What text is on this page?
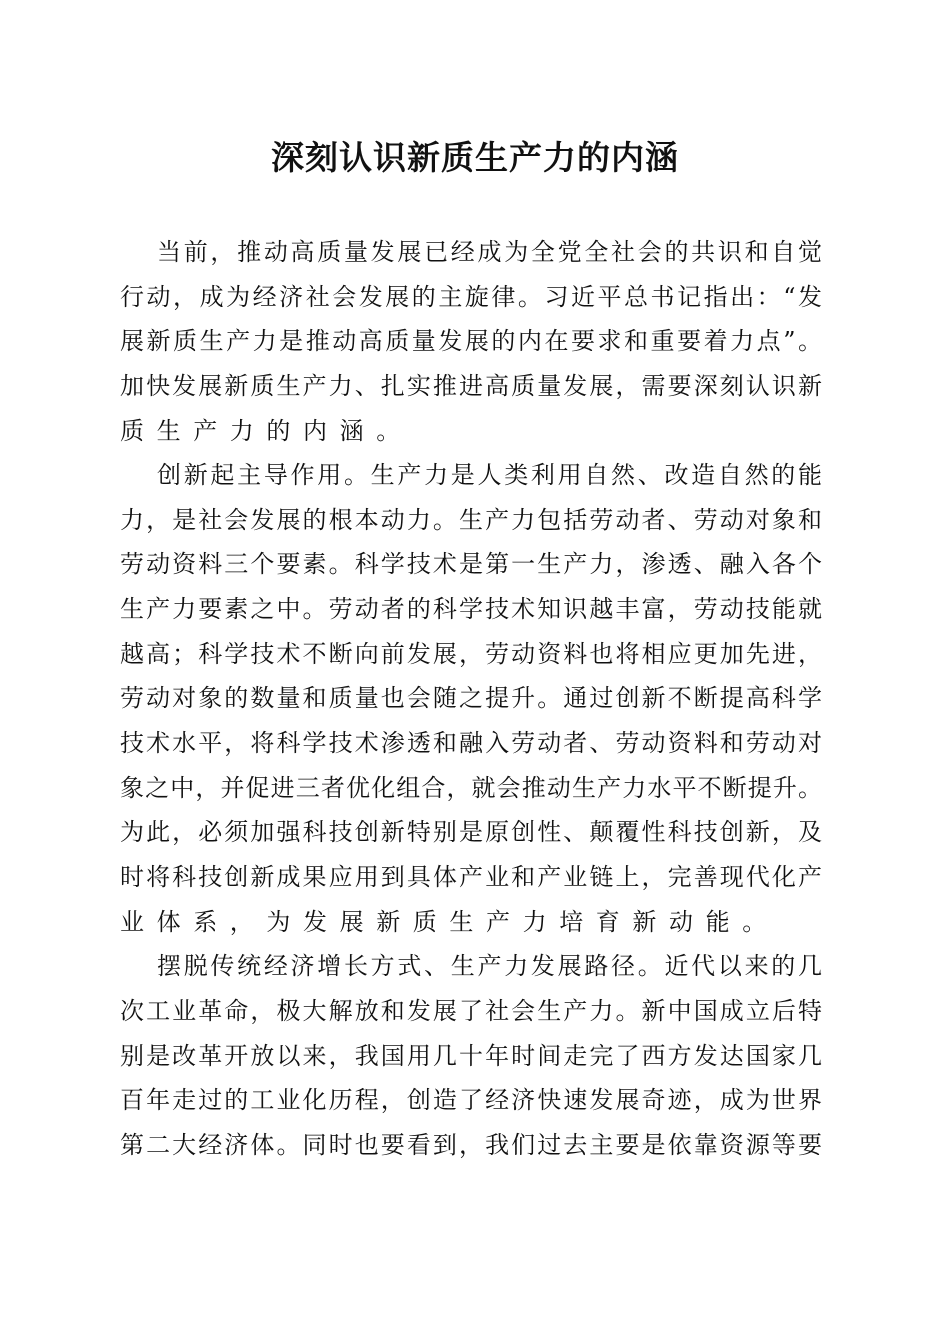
深刻认识新质生产力的内涵
当前，推动高质量发展已经成为全党全社会的共识和自觉
行动，成为经济社会发展的主旋律。习近平总书记指出：“发
展新质生产力是推动高质量发展的内在要求和重要着力点”。
加快发展新质生产力、扎实推进高质量发展，需要深刻认识新
质生产力的内涵。
创新起主导作用。生产力是人类利用自然、改造自然的能
力，是社会发展的根本动力。生产力包括劳动者、劳动对象和
劳动资料三个要素。科学技术是第一生产力，渗透、融入各个
生产力要素之中。劳动者的科学技术知识越丰富，劳动技能就
越高；科学技术不断向前发展，劳动资料也将相应更加先进，
劳动对象的数量和质量也会随之提升。通过创新不断提高科学
技术水平，将科学技术渗透和融入劳动者、劳动资料和劳动对
象之中，并促进三者优化组合，就会推动生产力水平不断提升。
为此，必须加强科技创新特别是原创性、颠覆性科技创新，及
时将科技创新成果应用到具体产业和产业链上，完善现代化产
业体系，为发展新质生产力培育新动能。
摆脱传统经济增长方式、生产力发展路径。近代以来的几
次工业革命，极大解放和发展了社会生产力。新中国成立后特
别是改革开放以来，我国用几十年时间走完了西方发达国家几
百年走过的工业化历程，创造了经济快速发展奇迹，成为世界
第二大经济体。同时也要看到，我们过去主要是依靠资源等要
